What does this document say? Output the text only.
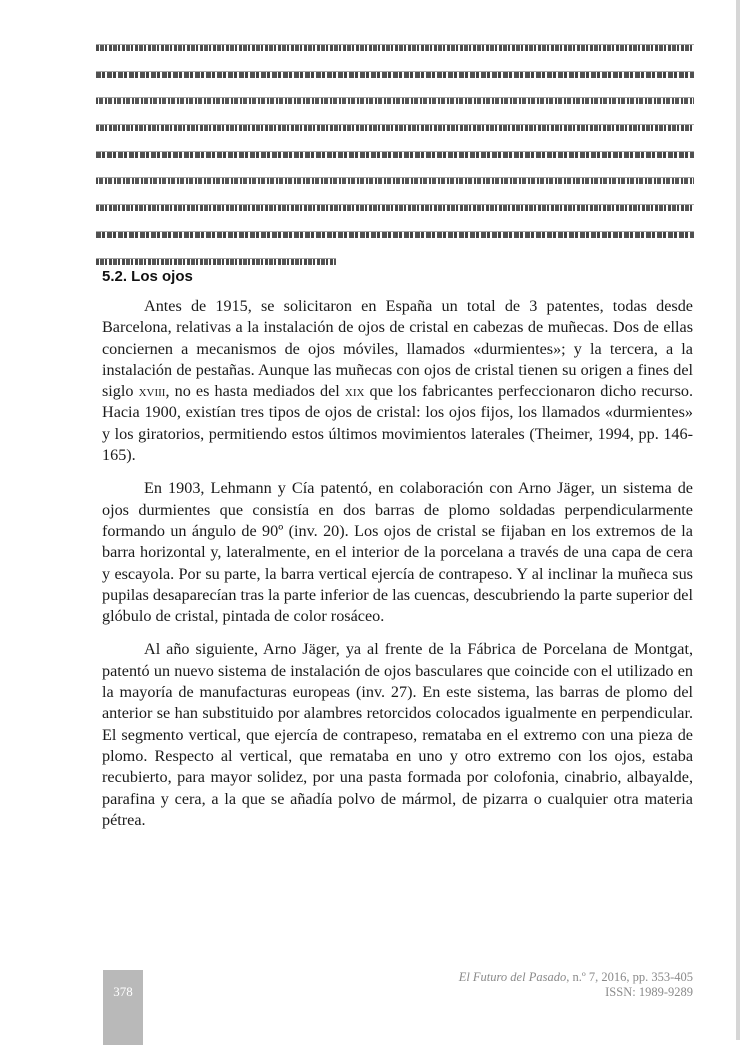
5.2. Los ojos

Antes de 1915, se solicitaron en España un total de 3 patentes, todas desde Barcelona, relativas a la instalación de ojos de cristal en cabezas de muñecas. Dos de ellas conciernen a mecanismos de ojos móviles, llamados «durmientes»; y la tercera, a la instalación de pestañas. Aunque las muñecas con ojos de cristal tienen su origen a fines del siglo xviii, no es hasta mediados del xix que los fabricantes perfeccionaron dicho recurso. Hacia 1900, existían tres tipos de ojos de cristal: los ojos fijos, los llamados «durmientes» y los giratorios, permitiendo estos últimos movimientos laterales (Theimer, 1994, pp. 146-165).

En 1903, Lehmann y Cía patentó, en colaboración con Arno Jäger, un sistema de ojos durmientes que consistía en dos barras de plomo soldadas perpendicularmente formando un ángulo de 90º (inv. 20). Los ojos de cristal se fijaban en los extremos de la barra horizontal y, lateralmente, en el interior de la porcelana a través de una capa de cera y escayola. Por su parte, la barra vertical ejercía de contrapeso. Y al inclinar la muñeca sus pupilas desaparecían tras la parte inferior de las cuencas, descubriendo la parte superior del glóbulo de cristal, pintada de color rosáceo.

Al año siguiente, Arno Jäger, ya al frente de la Fábrica de Porcelana de Montgat, patentó un nuevo sistema de instalación de ojos basculares que coincide con el utilizado en la mayoría de manufacturas europeas (inv. 27). En este sistema, las barras de plomo del anterior se han substituido por alambres retorcidos colocados igualmente en perpendicular. El segmento vertical, que ejercía de contrapeso, remataba en el extremo con una pieza de plomo. Respecto al vertical, que remataba en uno y otro extremo con los ojos, estaba recubierto, para mayor solidez, por una pasta formada por colofonia, cinabrio, albayalde, parafina y cera, a la que se añadía polvo de mármol, de pizarra o cualquier otra materia pétrea.

378
El Futuro del Pasado, n.º 7, 2016, pp. 353-405
ISSN: 1989-9289
